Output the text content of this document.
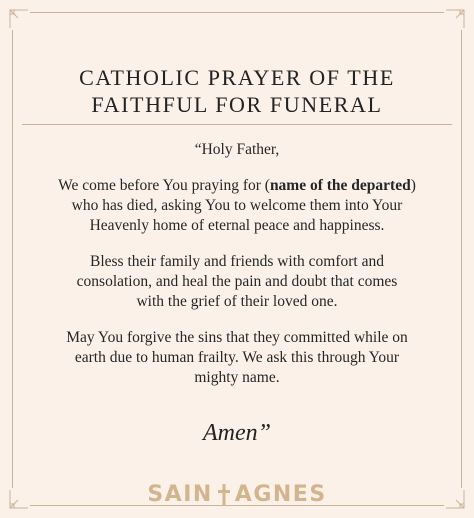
CATHOLIC PRAYER OF THE
FAITHFUL FOR FUNERAL
“Holy Father,
We come before You praying for (name of the departed)
who has died, asking You to welcome them into Your
Heavenly home of eternal peace and happiness.
Bless their family and friends with comfort and
consolation, and heal the pain and doubt that comes
with the grief of their loved one.
May You forgive the sins that they committed while on
earth due to human frailty. We ask this through Your
mighty name.
Amen”
SAIN AGNES
